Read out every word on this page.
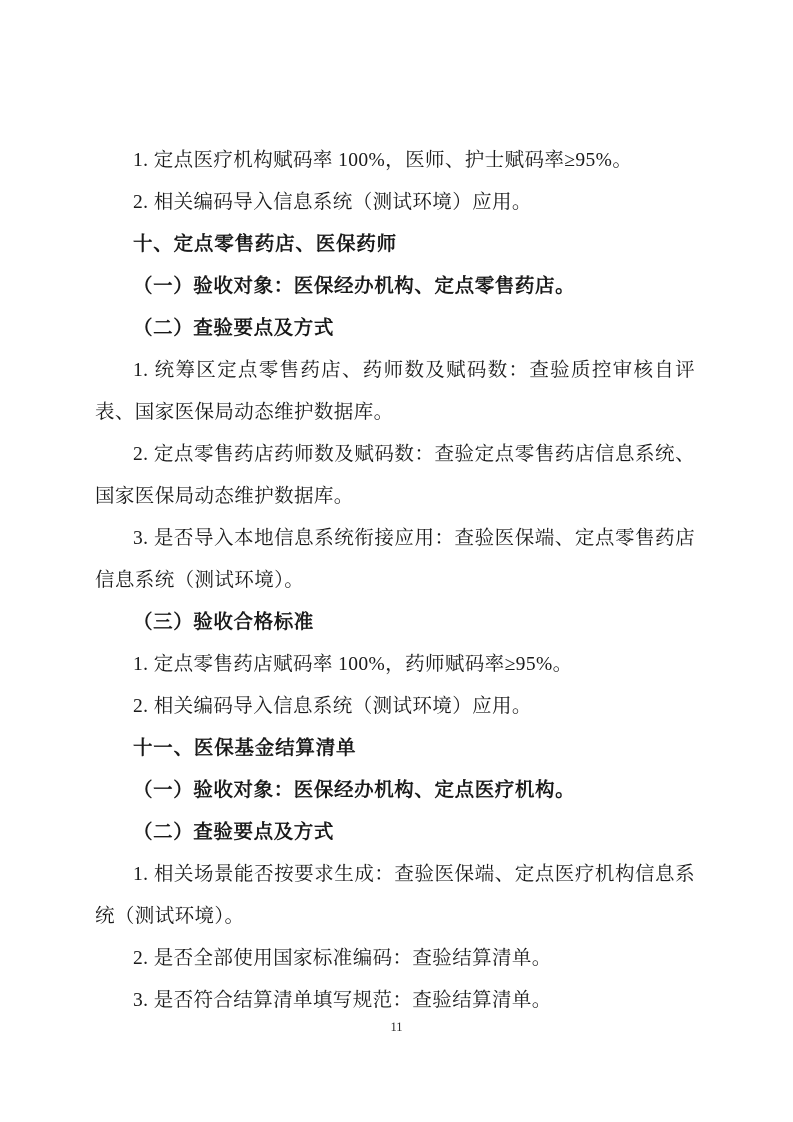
1. 定点医疗机构赋码率 100%，医师、护士赋码率≥95%。

2. 相关编码导入信息系统（测试环境）应用。

十、定点零售药店、医保药师

（一）验收对象：医保经办机构、定点零售药店。

（二）查验要点及方式

1. 统筹区定点零售药店、药师数及赋码数：查验质控审核自评表、国家医保局动态维护数据库。

2. 定点零售药店药师数及赋码数：查验定点零售药店信息系统、国家医保局动态维护数据库。

3. 是否导入本地信息系统衔接应用：查验医保端、定点零售药店信息系统（测试环境）。

（三）验收合格标准

1. 定点零售药店赋码率 100%，药师赋码率≥95%。

2. 相关编码导入信息系统（测试环境）应用。

十一、医保基金结算清单

（一）验收对象：医保经办机构、定点医疗机构。

（二）查验要点及方式

1. 相关场景能否按要求生成：查验医保端、定点医疗机构信息系统（测试环境）。

2. 是否全部使用国家标准编码：查验结算清单。

3. 是否符合结算清单填写规范：查验结算清单。

11
